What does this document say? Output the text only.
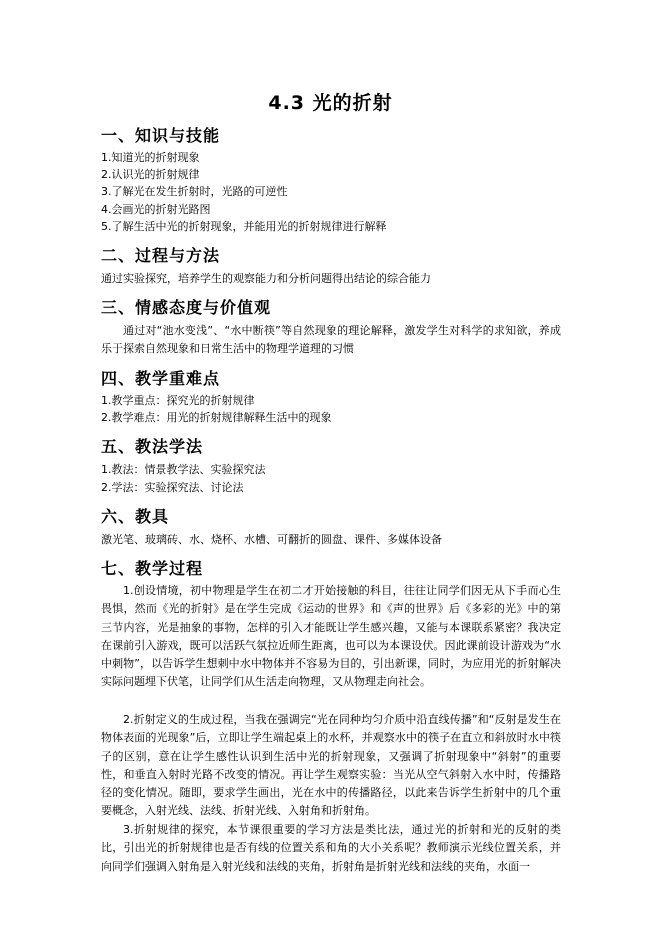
4.3 光的折射
一、知识与技能
1.知道光的折射现象
2.认识光的折射规律
3.了解光在发生折射时，光路的可逆性
4.会画光的折射光路图
5.了解生活中光的折射现象，并能用光的折射规律进行解释
二、过程与方法
通过实验探究，培养学生的观察能力和分析问题得出结论的综合能力
三、情感态度与价值观
通过对“池水变浅”、“水中断筷”等自然现象的理论解释，激发学生对科学的求知欲，养成乐于探索自然现象和日常生活中的物理学道理的习惯
四、教学重难点
1.教学重点：探究光的折射规律
2.教学难点：用光的折射规律解释生活中的现象
五、教法学法
1.教法：情景教学法、实验探究法
2.学法：实验探究法、讨论法
六、教具
激光笔、玻璃砖、水、烧杯、水槽、可翻折的圆盘、课件、多媒体设备
七、教学过程
1.创设情境，初中物理是学生在初二才开始接触的科目，往往让同学们因无从下手而心生畏惧，然而《光的折射》是在学生完成《运动的世界》和《声的世界》后《多彩的光》中的第三节内容，光是抽象的事物，怎样的引入才能既让学生感兴趣，又能与本课联系紧密？我决定在课前引入游戏，既可以活跃气氛拉近师生距离，也可以为本课设伏。因此课前设计游戏为“水中刺物”，以告诉学生想刺中水中物体并不容易为目的，引出新课，同时，为应用光的折射解决实际问题埋下伏笔，让同学们从生活走向物理，又从物理走向社会。
2.折射定义的生成过程，当我在强调完“光在同种均匀介质中沿直线传播”和“反射是发生在物体表面的光现象”后，立即让学生端起桌上的水杯，并观察水中的筷子在直立和斜放时水中筷子的区别，意在让学生感性认识到生活中光的折射现象，又强调了折射现象中“斜射”的重要性，和垂直入射时光路不改变的情况。再让学生观察实验：当光从空气斜射入水中时，传播路径的变化情况。随即，要求学生画出，光在水中的传播路径，以此来告诉学生折射中的几个重要概念，入射光线、法线、折射光线、入射角和折射角。
3.折射规律的探究，本节课很重要的学习方法是类比法，通过光的折射和光的反射的类比，引出光的折射规律也是否有线的位置关系和角的大小关系呢？教师演示光线位置关系，并向同学们强调入射角是入射光线和法线的夹角，折射角是折射光线和法线的夹角，水面一
